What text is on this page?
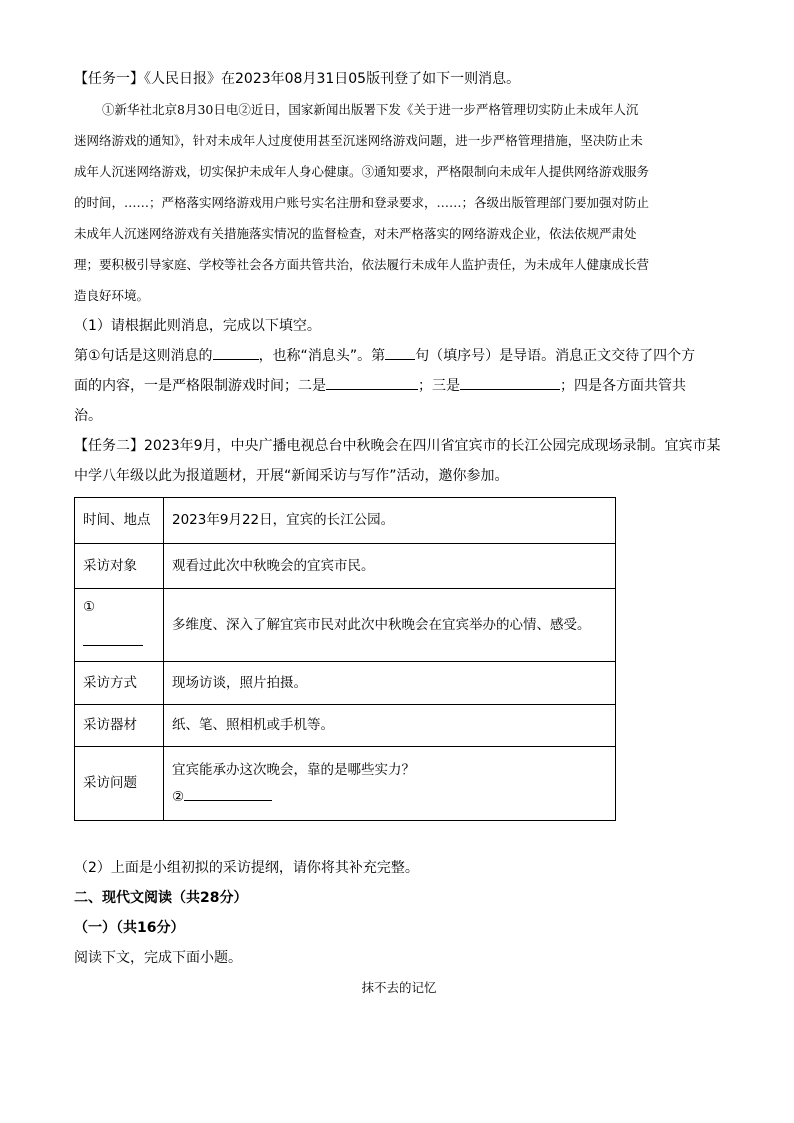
【任务一】《人民日报》在2023年08月31日05版刊登了如下一则消息。

①新华社北京8月30日电②近日，国家新闻出版署下发《关于进一步严格管理切实防止未成年人沉

迷网络游戏的通知》，针对未成年人过度使用甚至沉迷网络游戏问题，进一步严格管理措施，坚决防止未

成年人沉迷网络游戏，切实保护未成年人身心健康。③通知要求，严格限制向未成年人提供网络游戏服务

的时间，……；严格落实网络游戏用户账号实名注册和登录要求，……；各级出版管理部门要加强对防止

未成年人沉迷网络游戏有关措施落实情况的监督检查，对未严格落实的网络游戏企业，依法依规严肃处

理；要积极引导家庭、学校等社会各方面共管共治，依法履行未成年人监护责任，为未成年人健康成长营

造良好环境。

（1）请根据此则消息，完成以下填空。

第①句话是这则消息的	，也称“消息头”。第 句（填序号）是导语。消息正文交待了四个方

面的内容，一是严格限制游戏时间；二是	；三是	；四是各方面共管共

治。

【任务二】2023年9月，中央广播电视总台中秋晚会在四川省宜宾市的长江公园完成现场录制。宜宾市某

中学八年级以此为报道题材，开展“新闻采访与写作”活动，邀你参加。

时间、地点	2023年9月22日，宜宾的长江公园。
采访对象	观看过此次中秋晚会的宜宾市民。

①	多维度、深入了解宜宾市民对此次中秋晚会在宜宾举办的心情、感受。
采访方式	现场访谈，照片拍摄。
采访器材	纸、笔、照相机或手机等。
采访问题	宜宾能承办这次晚会，靠的是哪些实力？
②

（2）上面是小组初拟的采访提纲，请你将其补充完整。

二、现代文阅读（共28分）

（一）（共16分）

阅读下文，完成下面小题。

抹不去的记忆
